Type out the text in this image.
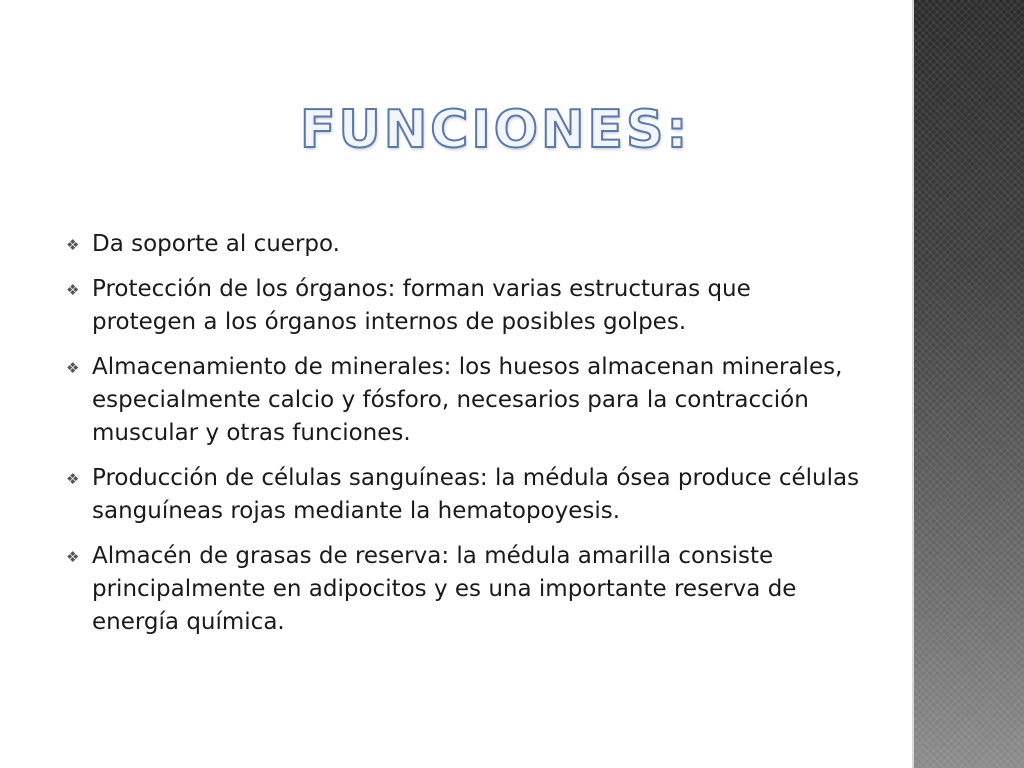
FUNCIONES:
❖ Da soporte al cuerpo.
❖ Protección de los órganos: forman varias estructuras que protegen a los órganos internos de posibles golpes.
❖ Almacenamiento de minerales: los huesos almacenan minerales, especialmente calcio y fósforo, necesarios para la contracción muscular y otras funciones.
❖ Producción de células sanguíneas: la médula ósea produce células sanguíneas rojas mediante la hematopoyesis.
❖ Almacén de grasas de reserva: la médula amarilla consiste principalmente en adipocitos y es una importante reserva de energía química.
